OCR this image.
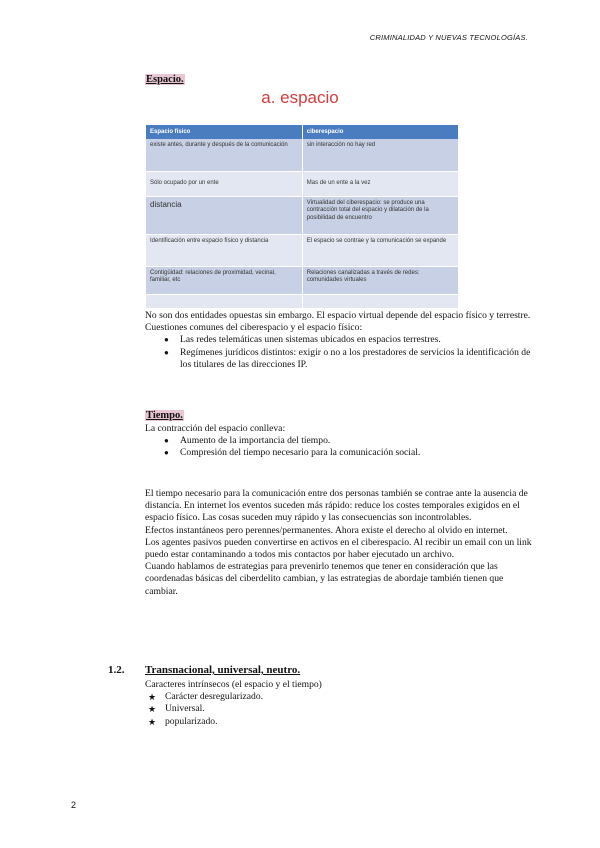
CRIMINALIDAD Y NUEVAS TECNOLOGÍAS.
Espacio.
a. espacio
Espacio físico	ciberespacio
existe antes, durante y después de la comunicación	sin interacción no hay red
Sólo ocupado por un ente	Mas de un ente a la vez
distancia	Virtualidad del ciberespacio: se produce una contracción total del espacio y dilatación de la posibilidad de encuentro
Identificación entre espacio físico y distancia	El espacio se contrae y la comunicación se expande
Contigüidad: relaciones de proximidad, vecinal, familiar, etc	Relaciones canalizadas a través de redes: comunidades virtuales

No son dos entidades opuestas sin embargo. El espacio virtual depende del espacio físico y terrestre.

Cuestiones comunes del ciberespacio y el espacio físico:

● Las redes telemáticas unen sistemas ubicados en espacios terrestres.
● Regímenes jurídicos distintos: exigir o no a los prestadores de servicios la identificación de los titulares de las direcciones IP.
Tiempo.

La contracción del espacio conlleva:

● Aumento de la importancia del tiempo.
● Compresión del tiempo necesario para la comunicación social.

El tiempo necesario para la comunicación entre dos personas también se contrae ante la ausencia de distancia. En internet los eventos suceden más rápido: reduce los costes temporales exigidos en el espacio físico. Las cosas suceden muy rápido y las consecuencias son incontrolables.

Efectos instantáneos pero perennes/permanentes. Ahora existe el derecho al olvido en internet.

Los agentes pasivos pueden convertirse en activos en el ciberespacio. Al recibir un email con un link puedo estar contaminando a todos mis contactos por haber ejecutado un archivo.

Cuando hablamos de estrategias para prevenirlo tenemos que tener en consideración que las coordenadas básicas del ciberdelito cambian, y las estrategias de abordaje también tienen que cambiar.

1.2. Transnacional, universal, neutro.

Caracteres intrínsecos (el espacio y el tiempo)

★ Carácter desregularizado.
★ Universal.
★ popularizado.
2
